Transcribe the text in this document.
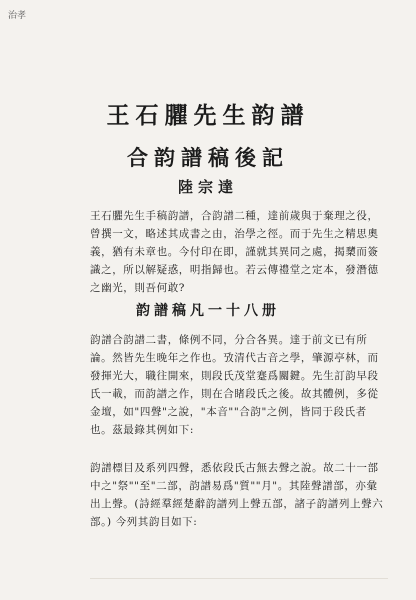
治孝
王石臞先生韵譜
合韵譜稿後記
陸宗達
王石臞先生手稿韵譜，合韵譜二種，達前歲與于棄理之役，曾撰一文，略述其成書之由，治學之徑。而于先生之精思奧義，猶有未章也。今付印在即，謹就其異同之處，揭櫫而簽識之，所以解疑惑，明指歸也。若云傳禮堂之定本，發潛德之幽光，則吾何敢?
韵譜稿凡一十八册
韵譜合韵譜二書，條例不同，分合各異。達于前文已有所論。然皆先生晚年之作也。攷清代古音之學，肇源亭林，而發揮光大，職往開來，則段氏茂堂蹇爲關鍵。先生訂韵早段氏一載，而韵譜之作，則在合睹段氏之後。故其體例，多從金壇，如"四聲"之說，"本音""合韵"之例，皆同于段氏者也。茲最錄其例如下:
韵譜標目及系列四聲，悉依段氏古無去聲之說。故二十一部中之"祭""至"二部，韵譜易爲"質""月"。其陸聲譜部，亦彙出上聲。(詩經羣經楚辭韵譜列上聲五部，諸子韵譜列上聲六部。) 今列其韵目如下:
